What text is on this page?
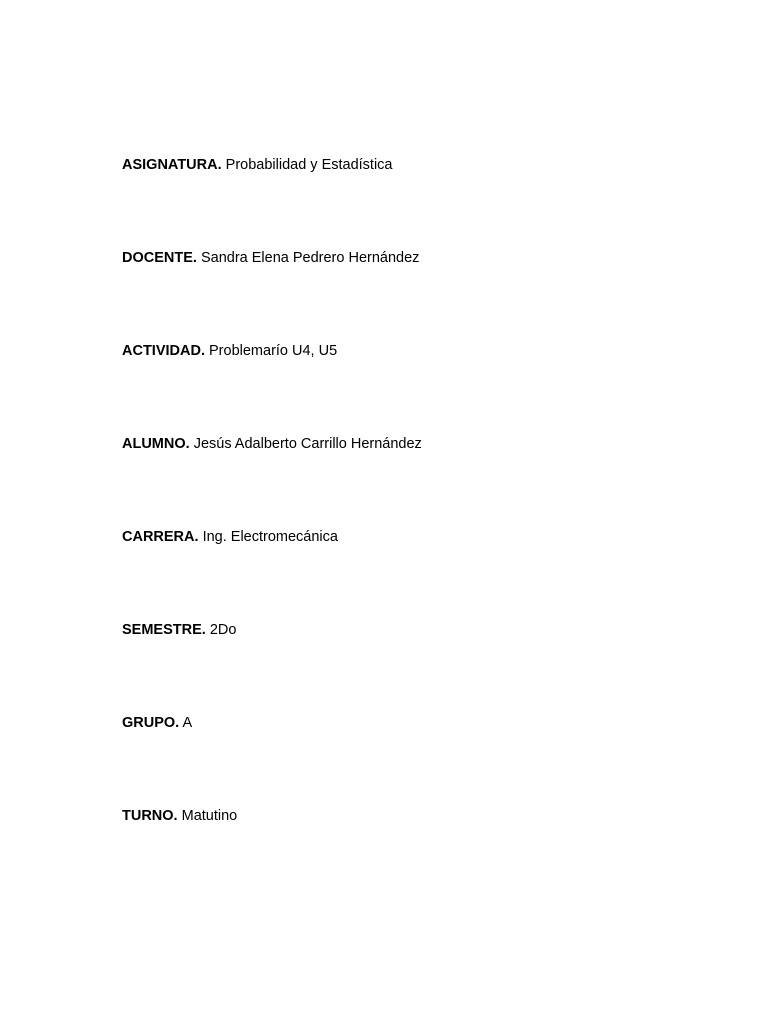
ASIGNATURA. Probabilidad y Estadística
DOCENTE. Sandra Elena Pedrero Hernández
ACTIVIDAD. Problemarío U4, U5
ALUMNO. Jesús Adalberto Carrillo Hernández
CARRERA. Ing. Electromecánica
SEMESTRE. 2Do
GRUPO. A
TURNO. Matutino
